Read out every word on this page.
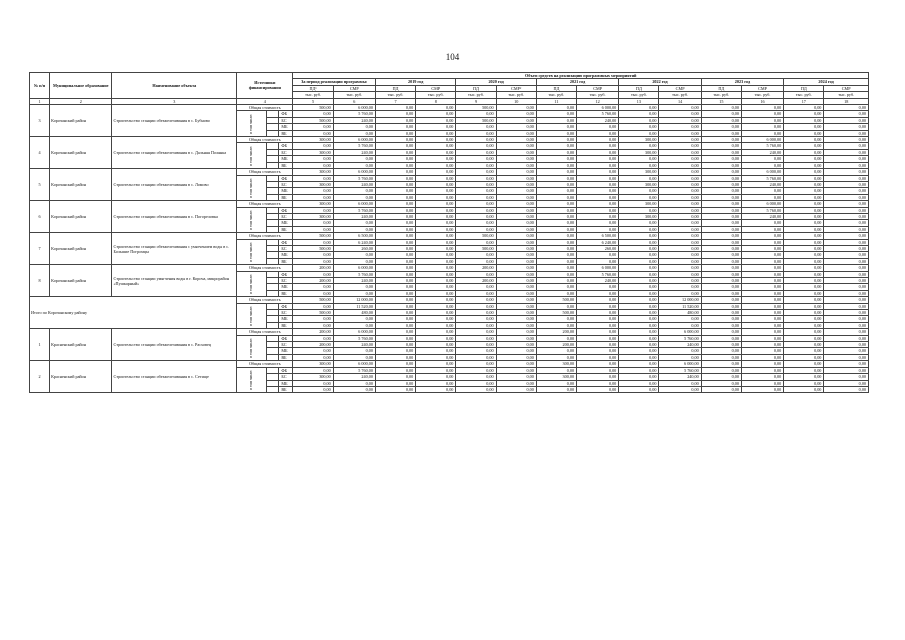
104
№ п/п	Муниципальное образование	Наименование объекта	Источники финансирования			Объем средств на реализацию программных мероприятий													
						За период реализации программы:		2019 год		2020 год		2021 год		2022 год		2023 год		2024 год	

						ПД¹	СМР	ПД	СМР	ПД	СМР²	ПД	СМР	ПД	СМР	ПД	СМР	ПД	СМР
						тыс. руб.	тыс. руб.	тыс. руб.	тыс. руб.	тыс. руб.	тыс. руб.	тыс. руб.	тыс. руб.	тыс. руб.	тыс. руб.	тыс. руб.	тыс. руб.	тыс. руб.	тыс. руб.
1	2	3	4			5	6	7	8	9	10	11	12	13	14	15	16	17	18
3	Корочанский район	Строительство станции обезжелезивания в с. Бубново	Общая стоимость			500,00	6 000,00	0,00	0,00	500,00	0,00	0,00	6 000,00	0,00	0,00	0,00	0,00	0,00	0,00

			в том числе:		ФБ	0,00	5 760,00	0,00	0,00	0,00	0,00	0,00	5 760,00	0,00	0,00	0,00	0,00	0,00	0,00
					БС	500,00	240,00	0,00	0,00	500,00	0,00	0,00	240,00	0,00	0,00	0,00	0,00	0,00	0,00
					МБ	0,00	0,00	0,00	0,00	0,00	0,00	0,00	0,00	0,00	0,00	0,00	0,00	0,00	0,00
					ВБ	0,00	0,00	0,00	0,00	0,00	0,00	0,00	0,00	0,00	0,00	0,00	0,00	0,00	0,00
4	Корочанский район	Строительство станции обезжелезивания в с. Дальняя Полянка	Общая стоимость			300,00	6 000,00	0,00	0,00	0,00	0,00	0,00	0,00	300,00	0,00	0,00	6 000,00	0,00	0,00

			в том числе:		ФБ	0,00	5 760,00	0,00	0,00	0,00	0,00	0,00	0,00	0,00	0,00	0,00	5 760,00	0,00	0,00
					БС	300,00	240,00	0,00	0,00	0,00	0,00	0,00	0,00	300,00	0,00	0,00	240,00	0,00	0,00
					МБ	0,00	0,00	0,00	0,00	0,00	0,00	0,00	0,00	0,00	0,00	0,00	0,00	0,00	0,00
					ВБ	0,00	0,00	0,00	0,00	0,00	0,00	0,00	0,00	0,00	0,00	0,00	0,00	0,00	0,00
5	Корочанский район	Строительство станции обезжелезивания в с. Ломово	Общая стоимость			300,00	6 000,00	0,00	0,00	0,00	0,00	0,00	0,00	300,00	0,00	0,00	6 000,00	0,00	0,00

			в том числе:		ФБ	0,00	5 760,00	0,00	0,00	0,00	0,00	0,00	0,00	0,00	0,00	0,00	5 760,00	0,00	0,00
					БС	300,00	240,00	0,00	0,00	0,00	0,00	0,00	0,00	300,00	0,00	0,00	240,00	0,00	0,00
					МБ	0,00	0,00	0,00	0,00	0,00	0,00	0,00	0,00	0,00	0,00	0,00	0,00	0,00	0,00
					ВБ	0,00	0,00	0,00	0,00	0,00	0,00	0,00	0,00	0,00	0,00	0,00	0,00	0,00	0,00
6	Корочанский район	Строительство станции обезжелезивания в с. Погореловка	Общая стоимость			300,00	6 000,00	0,00	0,00	0,00	0,00	0,00	0,00	300,00	0,00	0,00	6 000,00	0,00	0,00

			в том числе:		ФБ	0,00	5 760,00	0,00	0,00	0,00	0,00	0,00	0,00	0,00	0,00	0,00	5 760,00	0,00	0,00
					БС	300,00	240,00	0,00	0,00	0,00	0,00	0,00	0,00	300,00	0,00	0,00	240,00	0,00	0,00
					МБ	0,00	0,00	0,00	0,00	0,00	0,00	0,00	0,00	0,00	0,00	0,00	0,00	0,00	0,00
					ВБ	0,00	0,00	0,00	0,00	0,00	0,00	0,00	0,00	0,00	0,00	0,00	0,00	0,00	0,00
7	Корочанский район	Строительство станции обезжелезивания с умягчением воды в с. Большие Погромцы	Общая стоимость			500,00	6 500,00	0,00	0,00	500,00	0,00	0,00	6 500,00	0,00	0,00	0,00	0,00	0,00	0,00

			в том числе:		ФБ	0,00	6 240,00	0,00	0,00	0,00	0,00	0,00	6 240,00	0,00	0,00	0,00	0,00	0,00	0,00
					БС	500,00	260,00	0,00	0,00	500,00	0,00	0,00	260,00	0,00	0,00	0,00	0,00	0,00	0,00
					МБ	0,00	0,00	0,00	0,00	0,00	0,00	0,00	0,00	0,00	0,00	0,00	0,00	0,00	0,00
					ВБ	0,00	0,00	0,00	0,00	0,00	0,00	0,00	0,00	0,00	0,00	0,00	0,00	0,00	0,00
8	Корочанский район	Строительство станции умягчения воды в г. Короча, микрорайон «Пушкарный»	Общая стоимость			200,00	6 000,00	0,00	0,00	200,00	0,00	0,00	6 000,00	0,00	0,00	0,00	0,00	0,00	0,00

			в том числе:		ФБ	0,00	5 760,00	0,00	0,00	0,00	0,00	0,00	5 760,00	0,00	0,00	0,00	0,00	0,00	0,00
					БС	200,00	240,00	0,00	0,00	200,00	0,00	0,00	240,00	0,00	0,00	0,00	0,00	0,00	0,00
					МБ	0,00	0,00	0,00	0,00	0,00	0,00	0,00	0,00	0,00	0,00	0,00	0,00	0,00	0,00
					ВБ	0,00	0,00	0,00	0,00	0,00	0,00	0,00	0,00	0,00	0,00	0,00	0,00	0,00	0,00
Итого по Корочанскому району			Общая стоимость			500,00	12 000,00	0,00	0,00	0,00	0,00	500,00	0,00	0,00	12 000,00	0,00	0,00	0,00	0,00

			в том числе:		ФБ	0,00	11 520,00	0,00	0,00	0,00	0,00	0,00	0,00	0,00	11 520,00	0,00	0,00	0,00	0,00
					БС	500,00	480,00	0,00	0,00	0,00	0,00	500,00	0,00	0,00	480,00	0,00	0,00	0,00	0,00
					МБ	0,00	0,00	0,00	0,00	0,00	0,00	0,00	0,00	0,00	0,00	0,00	0,00	0,00	0,00
					ВБ	0,00	0,00	0,00	0,00	0,00	0,00	0,00	0,00	0,00	0,00	0,00	0,00	0,00	0,00
1	Красненский район	Строительство станции обезжелезивания в с. Расховец	Общая стоимость			200,00	6 000,00	0,00	0,00	0,00	0,00	200,00	0,00	0,00	6 000,00	0,00	0,00	0,00	0,00

			в том числе:		ФБ	0,00	5 760,00	0,00	0,00	0,00	0,00	0,00	0,00	0,00	5 760,00	0,00	0,00	0,00	0,00
					БС	200,00	240,00	0,00	0,00	0,00	0,00	200,00	0,00	0,00	240,00	0,00	0,00	0,00	0,00
					МБ	0,00	0,00	0,00	0,00	0,00	0,00	0,00	0,00	0,00	0,00	0,00	0,00	0,00	0,00
					ВБ	0,00	0,00	0,00	0,00	0,00	0,00	0,00	0,00	0,00	0,00	0,00	0,00	0,00	0,00
2	Красненский район	Строительство станции обезжелезивания в с. Сетище	Общая стоимость			300,00	6 000,00	0,00	0,00	0,00	0,00	300,00	0,00	0,00	6 000,00	0,00	0,00	0,00	0,00

			в том числе:		ФБ	0,00	5 760,00	0,00	0,00	0,00	0,00	0,00	0,00	0,00	5 760,00	0,00	0,00	0,00	0,00
					БС	300,00	240,00	0,00	0,00	0,00	0,00	300,00	0,00	0,00	240,00	0,00	0,00	0,00	0,00
					МБ	0,00	0,00	0,00	0,00	0,00	0,00	0,00	0,00	0,00	0,00	0,00	0,00	0,00	0,00
					ВБ	0,00	0,00	0,00	0,00	0,00	0,00	0,00	0,00	0,00	0,00	0,00	0,00	0,00	0,00
